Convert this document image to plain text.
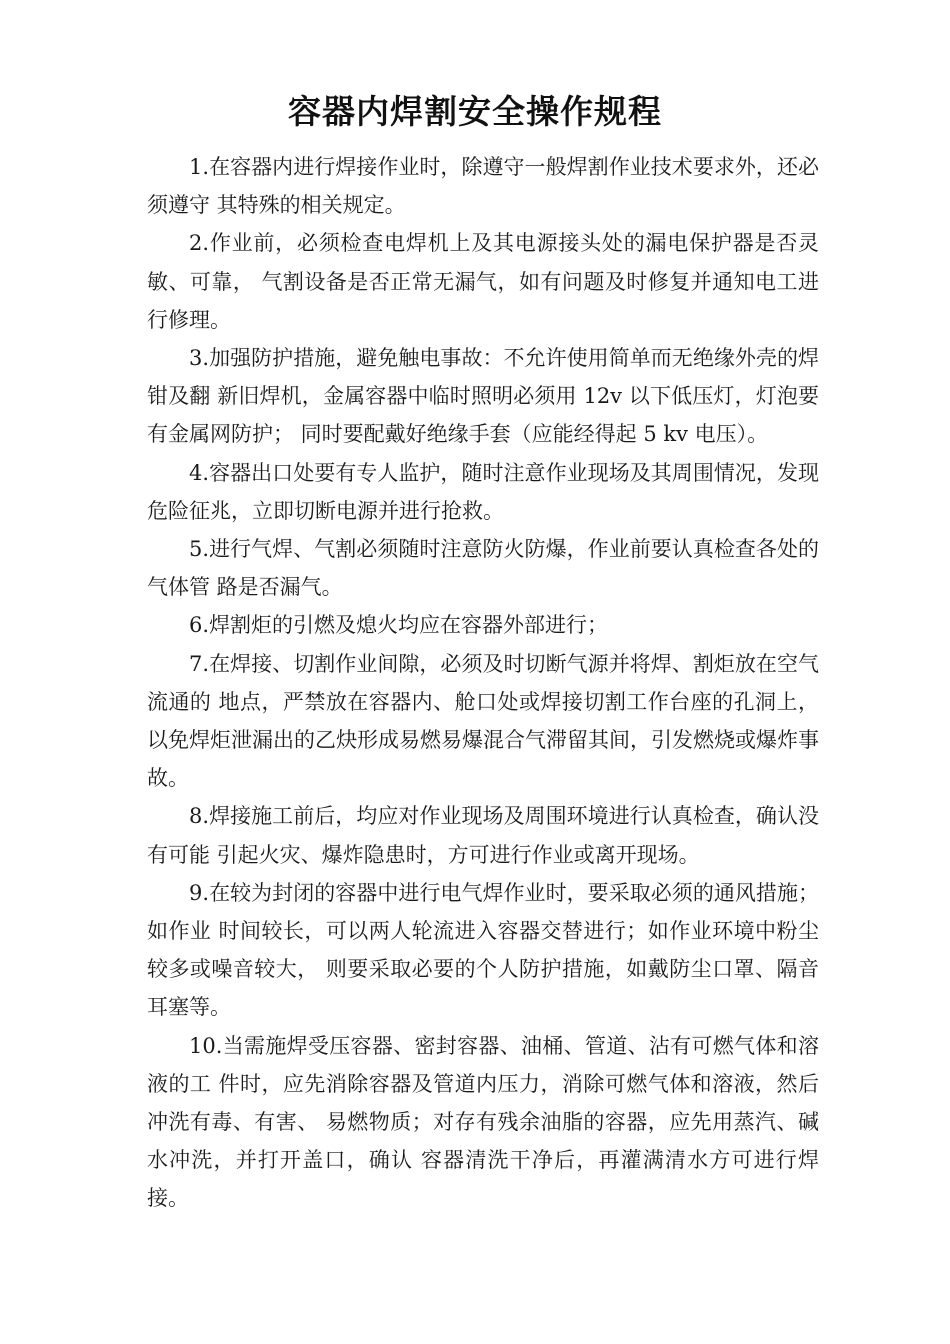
容器内焊割安全操作规程

1.在容器内进行焊接作业时，除遵守一般焊割作业技术要求外，还必须遵守 其特殊的相关规定。

2.作业前，必须检查电焊机上及其电源接头处的漏电保护器是否灵敏、可靠， 气割设备是否正常无漏气，如有问题及时修复并通知电工进行修理。

3.加强防护措施，避免触电事故：不允许使用简单而无绝缘外壳的焊钳及翻 新旧焊机，金属容器中临时照明必须用 12v 以下低压灯，灯泡要有金属网防护； 同时要配戴好绝缘手套（应能经得起 5 kv 电压）。

4.容器出口处要有专人监护，随时注意作业现场及其周围情况，发现危险征兆，立即切断电源并进行抢救。

5.进行气焊、气割必须随时注意防火防爆，作业前要认真检查各处的气体管 路是否漏气。

6.焊割炬的引燃及熄火均应在容器外部进行；

7.在焊接、切割作业间隙，必须及时切断气源并将焊、割炬放在空气流通的 地点，严禁放在容器内、舱口处或焊接切割工作台座的孔洞上，以免焊炬泄漏出的乙炔形成易燃易爆混合气滞留其间，引发燃烧或爆炸事故。

8.焊接施工前后，均应对作业现场及周围环境进行认真检查，确认没有可能 引起火灾、爆炸隐患时，方可进行作业或离开现场。

9.在较为封闭的容器中进行电气焊作业时，要采取必须的通风措施；如作业 时间较长，可以两人轮流进入容器交替进行；如作业环境中粉尘较多或噪音较大， 则要采取必要的个人防护措施，如戴防尘口罩、隔音耳塞等。

10.当需施焊受压容器、密封容器、油桶、管道、沾有可燃气体和溶液的工 件时，应先消除容器及管道内压力，消除可燃气体和溶液，然后冲洗有毒、有害、 易燃物质；对存有残余油脂的容器，应先用蒸汽、碱水冲洗，并打开盖口，确认 容器清洗干净后，再灌满清水方可进行焊接。
